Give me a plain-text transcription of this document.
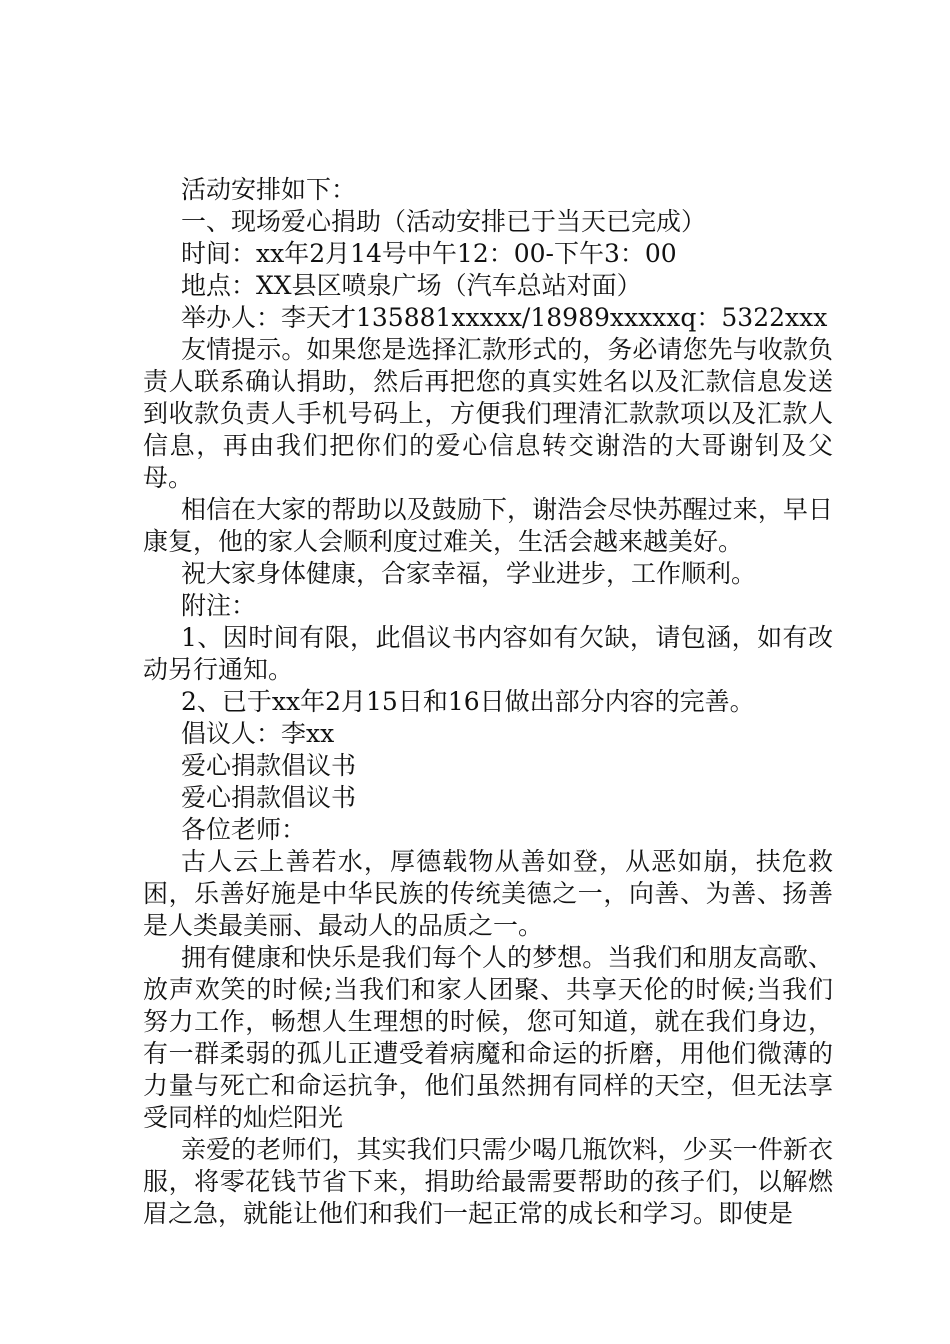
活动安排如下：

一、现场爱心捐助（活动安排已于当天已完成）

时间：xx年2月14号中午12：00-下午3：00

地点：XX县区喷泉广场（汽车总站对面）

举办人：李天才135881xxxxx/18989xxxxxq：5322xxx

友情提示。如果您是选择汇款形式的，务必请您先与收款负责人联系确认捐助，然后再把您的真实姓名以及汇款信息发送到收款负责人手机号码上，方便我们理清汇款款项以及汇款人信息，再由我们把你们的爱心信息转交谢浩的大哥谢钊及父母。

相信在大家的帮助以及鼓励下，谢浩会尽快苏醒过来，早日康复，他的家人会顺利度过难关，生活会越来越美好。

祝大家身体健康，合家幸福，学业进步，工作顺利。

附注：

1、因时间有限，此倡议书内容如有欠缺，请包涵，如有改动另行通知。

2、已于xx年2月15日和16日做出部分内容的完善。

倡议人：李xx

爱心捐款倡议书

爱心捐款倡议书

各位老师：

古人云上善若水，厚德载物从善如登，从恶如崩，扶危救困，乐善好施是中华民族的传统美德之一，向善、为善、扬善是人类最美丽、最动人的品质之一。

拥有健康和快乐是我们每个人的梦想。当我们和朋友高歌、放声欢笑的时候;当我们和家人团聚、共享天伦的时候;当我们努力工作，畅想人生理想的时候，您可知道，就在我们身边，有一群柔弱的孤儿正遭受着病魔和命运的折磨，用他们微薄的力量与死亡和命运抗争，他们虽然拥有同样的天空，但无法享受同样的灿烂阳光

亲爱的老师们，其实我们只需少喝几瓶饮料，少买一件新衣服，将零花钱节省下来，捐助给最需要帮助的孩子们，以解燃眉之急，就能让他们和我们一起正常的成长和学习。即使是
